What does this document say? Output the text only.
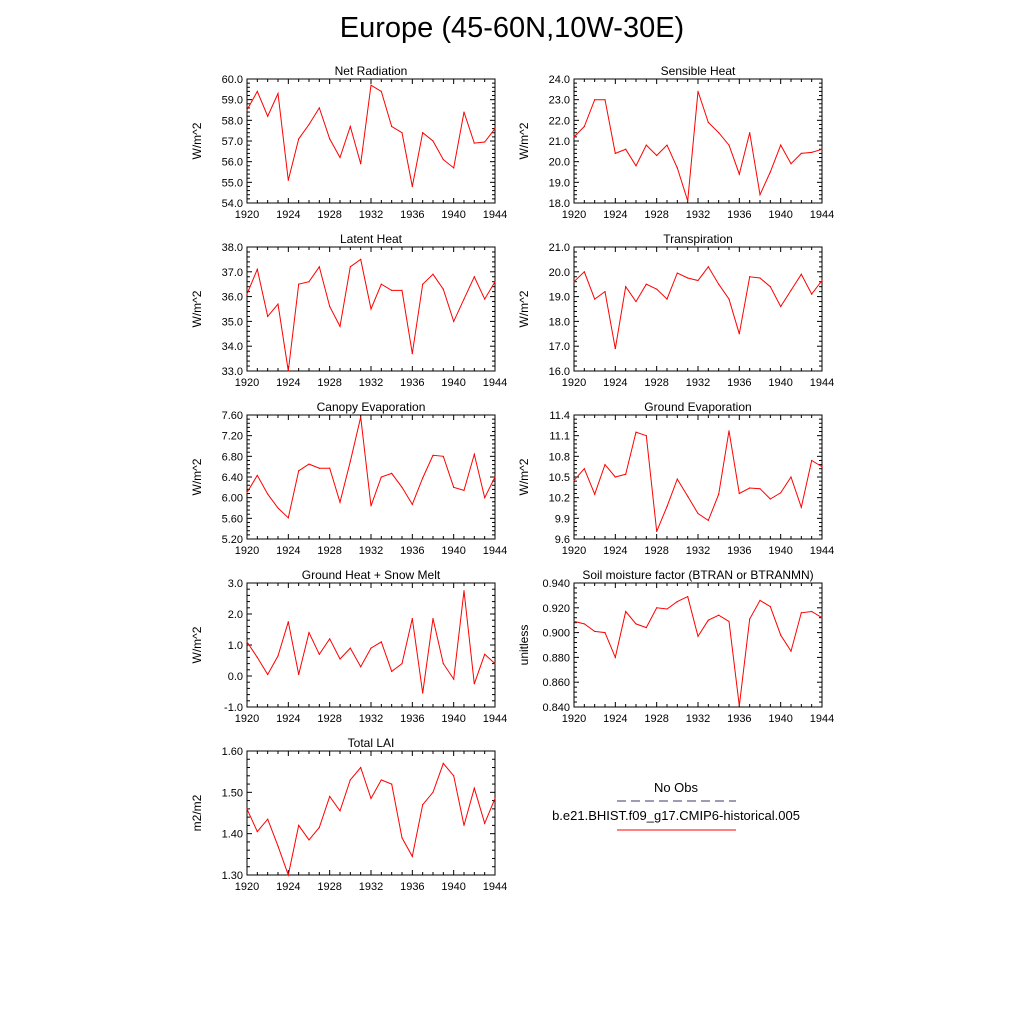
Europe (45-60N,10W-30E)
Net Radiation
1920 1924 1928 1932 1936 1940 1944
54.0
55.0
56.0
57.0
58.0
59.0
60.0
W/m^2
Sensible Heat
1920 1924 1928 1932 1936 1940 1944
18.0
19.0
20.0
21.0
22.0
23.0
24.0
W/m^2
Latent Heat
1920 1924 1928 1932 1936 1940 1944
33.0
34.0
35.0
36.0
37.0
38.0
W/m^2
Transpiration
1920 1924 1928 1932 1936 1940 1944
16.0
17.0
18.0
19.0
20.0
21.0
W/m^2
Canopy Evaporation
1920 1924 1928 1932 1936 1940 1944
5.20
5.60
6.00
6.40
6.80
7.20
7.60
W/m^2
Ground Evaporation
1920 1924 1928 1932 1936 1940 1944
9.6
9.9
10.2
10.5
10.8
11.1
11.4
W/m^2
Ground Heat + Snow Melt
1920 1924 1928 1932 1936 1940 1944
-1.0
0.0
1.0
2.0
3.0
W/m^2
Soil moisture factor (BTRAN or BTRANMN)
1920 1924 1928 1932 1936 1940 1944
0.840
0.860
0.880
0.900
0.920
0.940
unitless
Total LAI
1920 1924 1928 1932 1936 1940 1944
1.30
1.40
1.50
1.60
m2/m2
No Obs
b.e21.BHIST.f09_g17.CMIP6-historical.005
